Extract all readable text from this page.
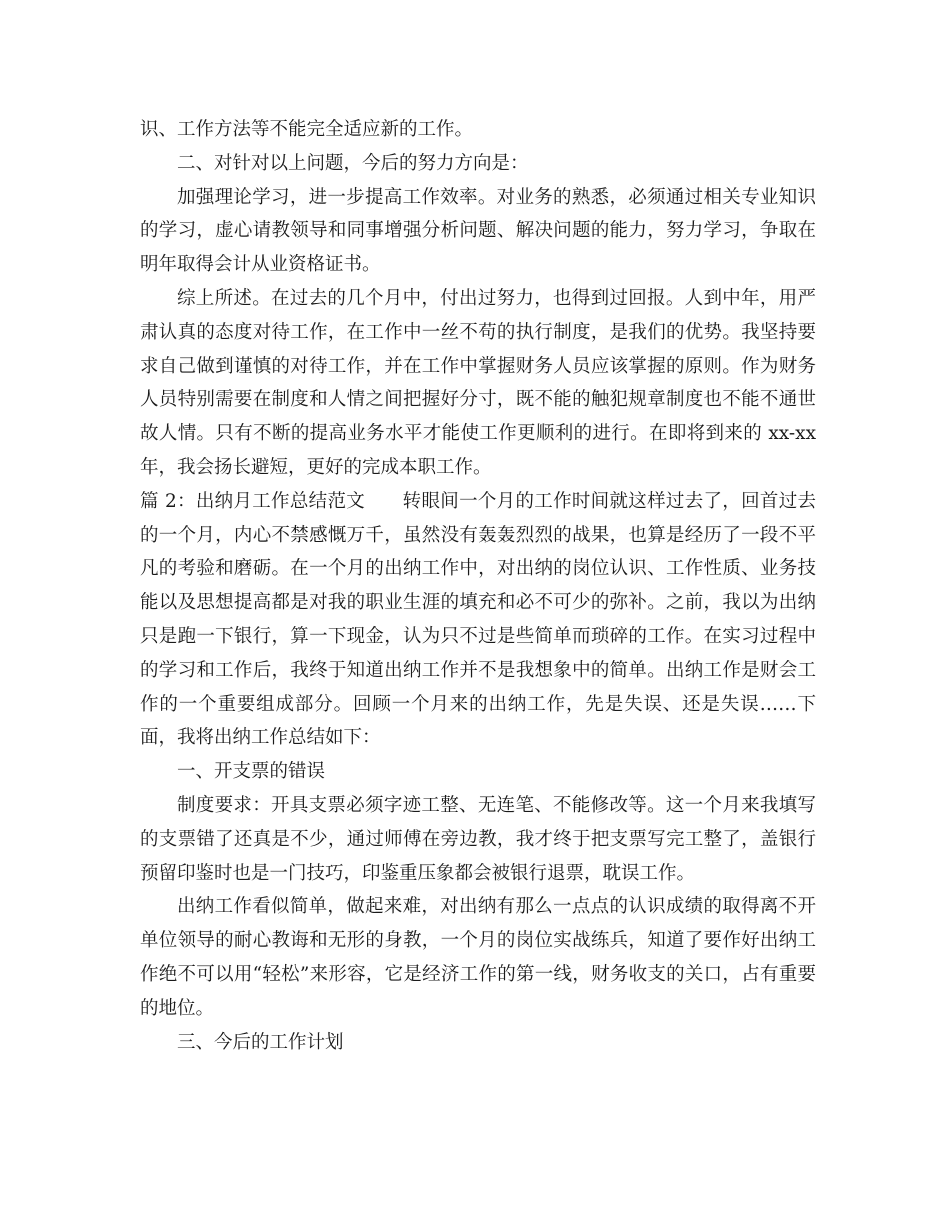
识、工作方法等不能完全适应新的工作。

二、对针对以上问题，今后的努力方向是：

加强理论学习，进一步提高工作效率。对业务的熟悉，必须通过相关专业知识的学习，虚心请教领导和同事增强分析问题、解决问题的能力，努力学习，争取在明年取得会计从业资格证书。

综上所述。在过去的几个月中，付出过努力，也得到过回报。人到中年，用严肃认真的态度对待工作，在工作中一丝不苟的执行制度，是我们的优势。我坚持要求自己做到谨慎的对待工作，并在工作中掌握财务人员应该掌握的原则。作为财务人员特别需要在制度和人情之间把握好分寸，既不能的触犯规章制度也不能不通世故人情。只有不断的提高业务水平才能使工作更顺利的进行。在即将到来的 xx-xx 年，我会扬长避短，更好的完成本职工作。

篇 2：出纳月工作总结范文　　转眼间一个月的工作时间就这样过去了，回首过去的一个月，内心不禁感慨万千，虽然没有轰轰烈烈的战果，也算是经历了一段不平凡的考验和磨砺。在一个月的出纳工作中，对出纳的岗位认识、工作性质、业务技能以及思想提高都是对我的职业生涯的填充和必不可少的弥补。之前，我以为出纳只是跑一下银行，算一下现金，认为只不过是些简单而琐碎的工作。在实习过程中的学习和工作后，我终于知道出纳工作并不是我想象中的简单。出纳工作是财会工作的一个重要组成部分。回顾一个月来的出纳工作，先是失误、还是失误……下面，我将出纳工作总结如下：

一、开支票的错误

制度要求：开具支票必须字迹工整、无连笔、不能修改等。这一个月来我填写的支票错了还真是不少，通过师傅在旁边教，我才终于把支票写完工整了，盖银行预留印鉴时也是一门技巧，印鉴重压象都会被银行退票，耽误工作。

出纳工作看似简单，做起来难，对出纳有那么一点点的认识成绩的取得离不开单位领导的耐心教诲和无形的身教，一个月的岗位实战练兵，知道了要作好出纳工作绝不可以用“轻松”来形容，它是经济工作的第一线，财务收支的关口，占有重要的地位。

三、今后的工作计划
